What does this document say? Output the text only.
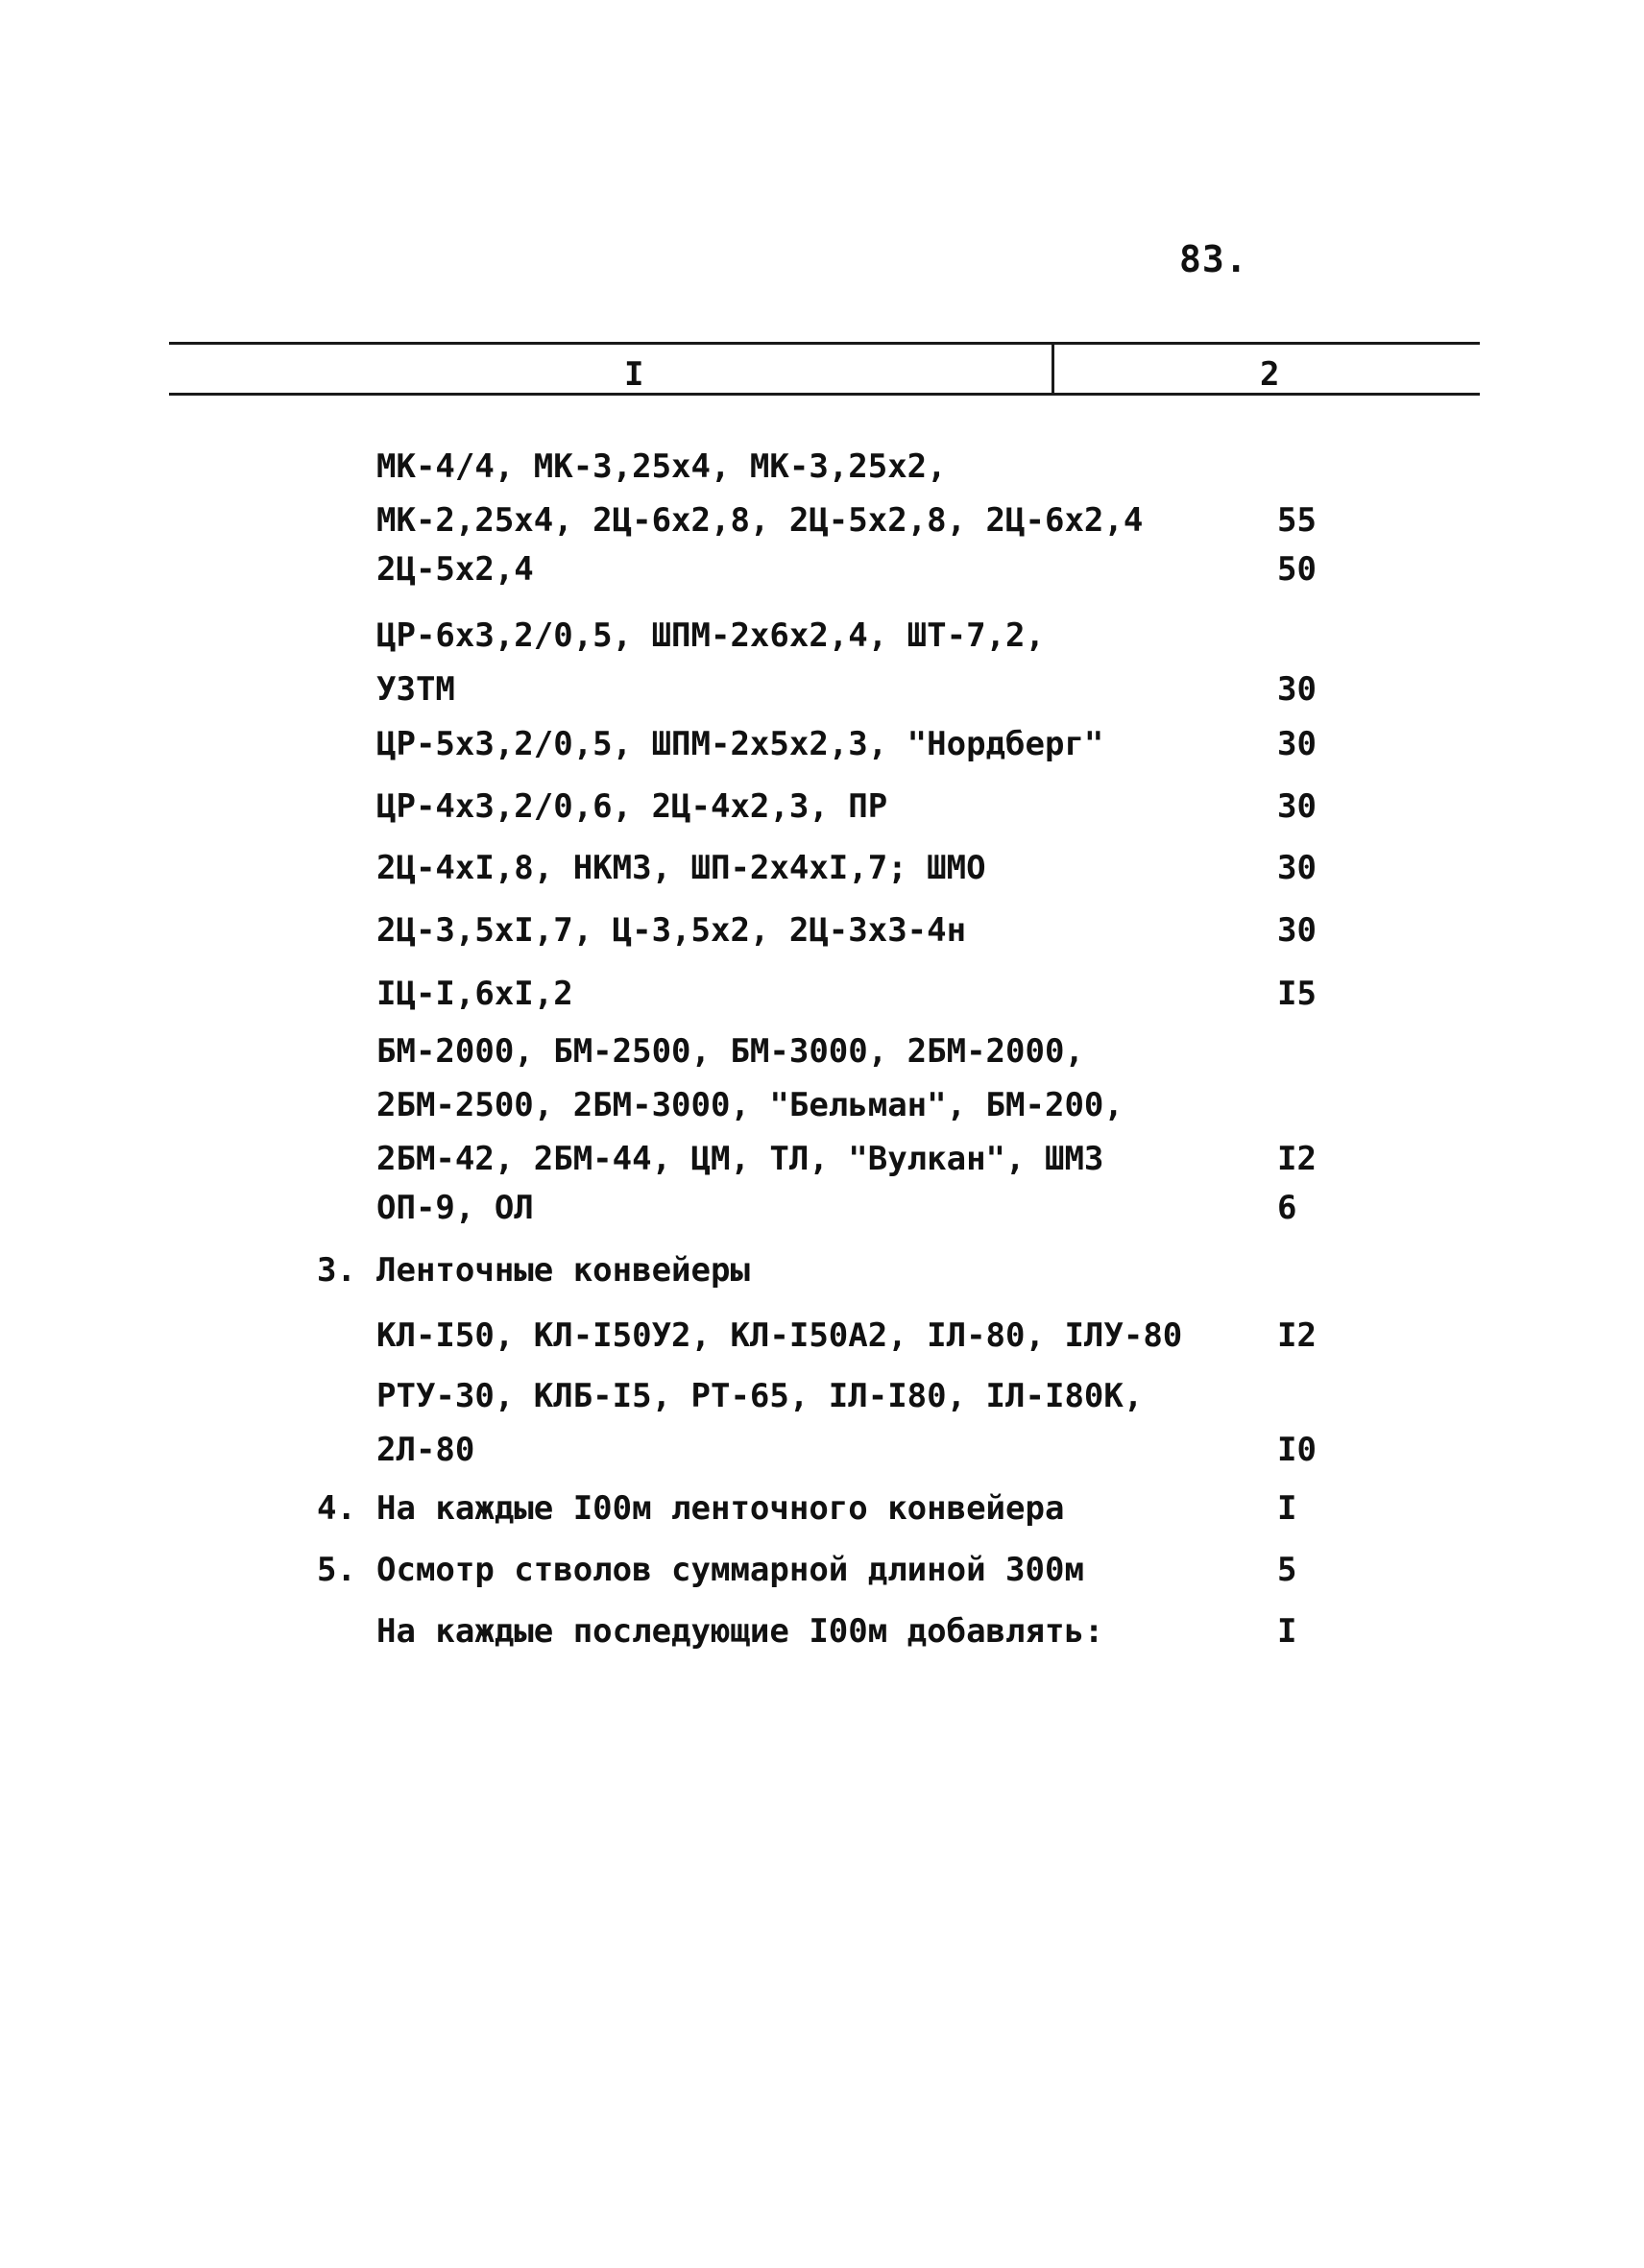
83.
I	2
МК-4/4, МК-3,25х4, МК-3,25х2,
МК-2,25х4, 2Ц-6х2,8, 2Ц-5х2,8, 2Ц-6х2,4	55
2Ц-5х2,4	50
ЦР-6х3,2/0,5, ШПМ-2х6х2,4, ШТ-7,2,
УЗТМ	30
ЦР-5х3,2/0,5, ШПМ-2х5х2,3, "Нордберг"	30
ЦР-4х3,2/0,6, 2Ц-4х2,3, ПР	30
2Ц-4хI,8, НКМЗ, ШП-2х4хI,7; ШМО	30
2Ц-3,5хI,7, Ц-3,5х2, 2Ц-3х3-4н	30
IЦ-I,6хI,2	I5
БМ-2000, БМ-2500, БМ-3000, 2БМ-2000,
2БМ-2500, 2БМ-3000, "Бельман", БМ-200,
2БМ-42, 2БМ-44, ЦМ, ТЛ, "Вулкан", ШМЗ	I2
ОП-9, ОЛ	6
3. Ленточные конвейеры
КЛ-I50, КЛ-I50У2, КЛ-I50А2, IЛ-80, IЛУ-80	I2
РТУ-30, КЛБ-I5, РТ-65, IЛ-I80, IЛ-I80К,
2Л-80	I0
4. На каждые I00м ленточного конвейера	I
5. Осмотр стволов суммарной длиной 300м	5
На каждые последующие I00м добавлять:	I
